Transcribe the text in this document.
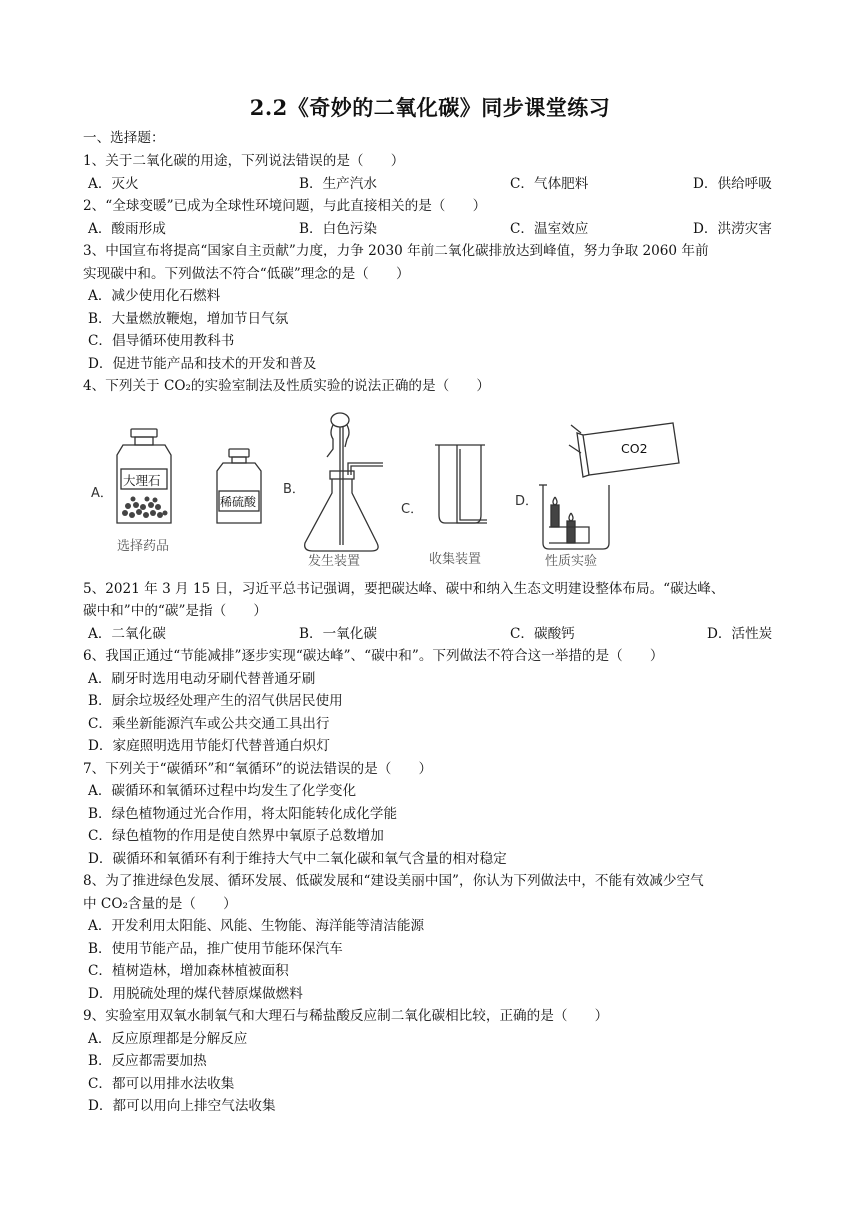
2.2《奇妙的二氧化碳》同步课堂练习
一、选择题：
1、关于二氧化碳的用途，下列说法错误的是（　　）
A．灭火	B．生产汽水	C．气体肥料	D．供给呼吸
2、“全球变暖”已成为全球性环境问题，与此直接相关的是（　　）
A．酸雨形成	B．白色污染	C．温室效应	D．洪涝灾害
3、中国宣布将提高“国家自主贡献”力度，力争 2030 年前二氧化碳排放达到峰值，努力争取 2060 年前
实现碳中和。下列做法不符合“低碳”理念的是（　　）
A．减少使用化石燃料
B．大量燃放鞭炮，增加节日气氛
C．倡导循环使用教科书
D．促进节能产品和技术的开发和普及
4、下列关于 CO₂的实验室制法及性质实验的说法正确的是（　　）
A．
大理石
选择药品
稀硫酸
B．
发生装置
C．
收集装置
D．
CO2
性质实验
5、2021 年 3 月 15 日，习近平总书记强调，要把碳达峰、碳中和纳入生态文明建设整体布局。“碳达峰、
碳中和”中的“碳”是指（　　）
A．二氧化碳	B．一氧化碳	C．碳酸钙	D．活性炭
6、我国正通过“节能减排”逐步实现“碳达峰”、“碳中和”。下列做法不符合这一举措的是（　　）
A．刷牙时选用电动牙刷代替普通牙刷
B．厨余垃圾经处理产生的沼气供居民使用
C．乘坐新能源汽车或公共交通工具出行
D．家庭照明选用节能灯代替普通白炽灯
7、下列关于“碳循环”和“氧循环”的说法错误的是（　　）
A．碳循环和氧循环过程中均发生了化学变化
B．绿色植物通过光合作用，将太阳能转化成化学能
C．绿色植物的作用是使自然界中氧原子总数增加
D．碳循环和氧循环有利于维持大气中二氧化碳和氧气含量的相对稳定
8、为了推进绿色发展、循环发展、低碳发展和“建设美丽中国”，你认为下列做法中，不能有效减少空气
中 CO₂含量的是（　　）
A．开发利用太阳能、风能、生物能、海洋能等清洁能源
B．使用节能产品，推广使用节能环保汽车
C．植树造林，增加森林植被面积
D．用脱硫处理的煤代替原煤做燃料
9、实验室用双氧水制氧气和大理石与稀盐酸反应制二氧化碳相比较，正确的是（　　）
A．反应原理都是分解反应
B．反应都需要加热
C．都可以用排水法收集
D．都可以用向上排空气法收集
